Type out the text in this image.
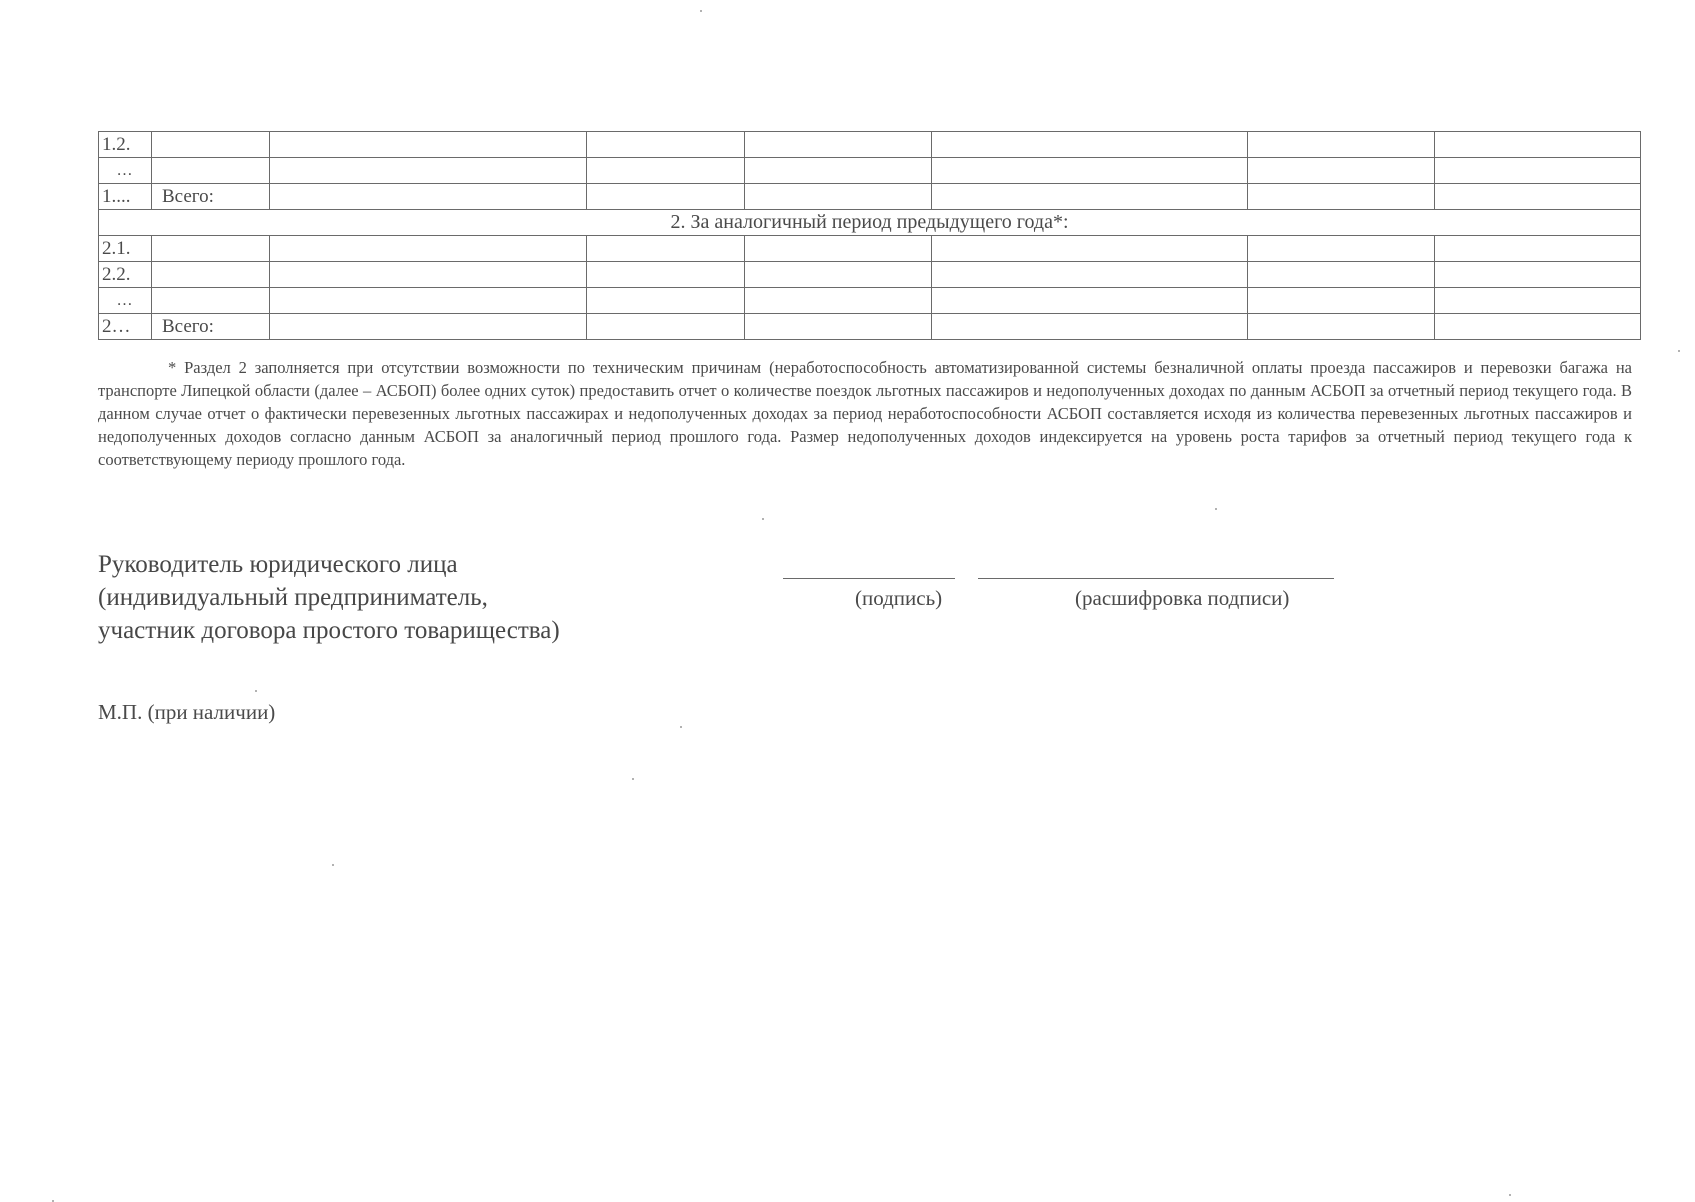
1.2.							
…							
1....	Всего:						
2. За аналогичный период предыдущего года*:							
2.1.							
2.2.							
…							
2…	Всего:						

* Раздел 2 заполняется при отсутствии возможности по техническим причинам (неработоспособность автоматизированной системы безналичной оплаты проезда пассажиров и перевозки багажа на транспорте Липецкой области (далее – АСБОП) более одних суток) предоставить отчет о количестве поездок льготных пассажиров и недополученных доходах по данным АСБОП за отчетный период текущего года. В данном случае отчет о фактически перевезенных льготных пассажирах и недополученных доходах за период неработоспособности АСБОП составляется исходя из количества перевезенных льготных пассажиров и недополученных доходов согласно данным АСБОП за аналогичный период прошлого года. Размер недополученных доходов индексируется на уровень роста тарифов за отчетный период текущего года к соответствующему периоду прошлого года.

Руководитель юридического лица
(индивидуальный предприниматель,
участник договора простого товарищества)
(подпись)	(расшифровка подписи)
М.П. (при наличии)
